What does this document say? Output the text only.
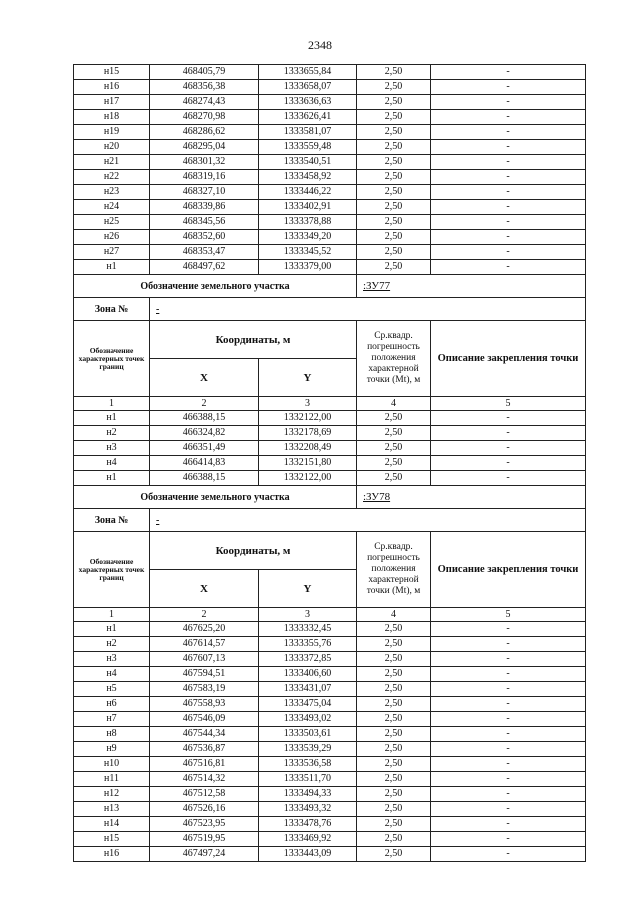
2348
н15	468405,79	1333655,84	2,50	-
н16	468356,38	1333658,07	2,50	-
н17	468274,43	1333636,63	2,50	-
н18	468270,98	1333626,41	2,50	-
н19	468286,62	1333581,07	2,50	-
н20	468295,04	1333559,48	2,50	-
н21	468301,32	1333540,51	2,50	-
н22	468319,16	1333458,92	2,50	-
н23	468327,10	1333446,22	2,50	-
н24	468339,86	1333402,91	2,50	-
н25	468345,56	1333378,88	2,50	-
н26	468352,60	1333349,20	2,50	-
н27	468353,47	1333345,52	2,50	-
н1	468497,62	1333379,00	2,50	-
Обозначение земельного участка			:ЗУ77	
Зона №	-			
Обозначение характерных точек границ	Координаты, м		Ср.квадр. погрешность положения характерной точки (Mt), м	Описание закрепления точки
	X	Y		
1	2	3	4	5
н1	466388,15	1332122,00	2,50	-
н2	466324,82	1332178,69	2,50	-
н3	466351,49	1332208,49	2,50	-
н4	466414,83	1332151,80	2,50	-
н1	466388,15	1332122,00	2,50	-
Обозначение земельного участка			:ЗУ78	
Зона №	-			
Обозначение характерных точек границ	Координаты, м		Ср.квадр. погрешность положения характерной точки (Mt), м	Описание закрепления точки
	X	Y		
1	2	3	4	5
н1	467625,20	1333332,45	2,50	-
н2	467614,57	1333355,76	2,50	-
н3	467607,13	1333372,85	2,50	-
н4	467594,51	1333406,60	2,50	-
н5	467583,19	1333431,07	2,50	-
н6	467558,93	1333475,04	2,50	-
н7	467546,09	1333493,02	2,50	-
н8	467544,34	1333503,61	2,50	-
н9	467536,87	1333539,29	2,50	-
н10	467516,81	1333536,58	2,50	-
н11	467514,32	1333511,70	2,50	-
н12	467512,58	1333494,33	2,50	-
н13	467526,16	1333493,32	2,50	-
н14	467523,95	1333478,76	2,50	-
н15	467519,95	1333469,92	2,50	-
н16	467497,24	1333443,09	2,50	-
